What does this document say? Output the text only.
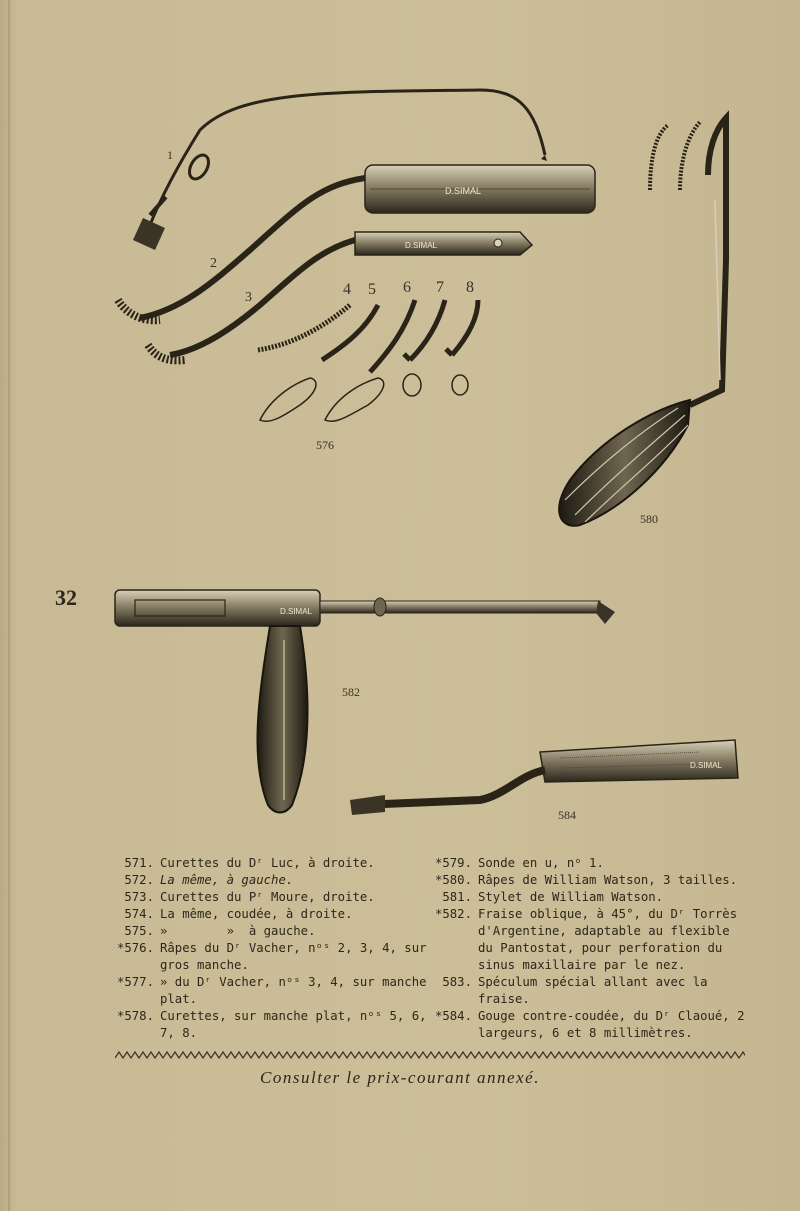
D.SIMAL
D.SIMAL
D.SIMAL
D.SIMAL
1
2
3	4 5 6 7 8
576
580
582
584
32
571. Curettes du Dʳ Luc, à droite.
572. La même, à gauche.
573. Curettes du Pʳ Moure, droite.
574. La même, coudée, à droite.
575. »        »  à gauche.
*576. Râpes du Dʳ Vacher, nᵒˢ 2, 3, 4, sur gros manche.
*577. » du Dʳ Vacher, nᵒˢ 3, 4, sur manche plat.
*578. Curettes, sur manche plat, nᵒˢ 5, 6, 7, 8.
*579. Sonde en u, nᵒ 1.
*580. Râpes de William Watson, 3 tailles.
581. Stylet de William Watson.
*582. Fraise oblique, à 45°, du Dʳ Torrès d'Argentine, adaptable au flexible du Pantostat, pour perforation du sinus maxillaire par le nez.
583. Spéculum spécial allant avec la fraise.
*584. Gouge contre-coudée, du Dʳ Claoué, 2 largeurs, 6 et 8 millimètres.
Consulter le prix-courant annexé.
